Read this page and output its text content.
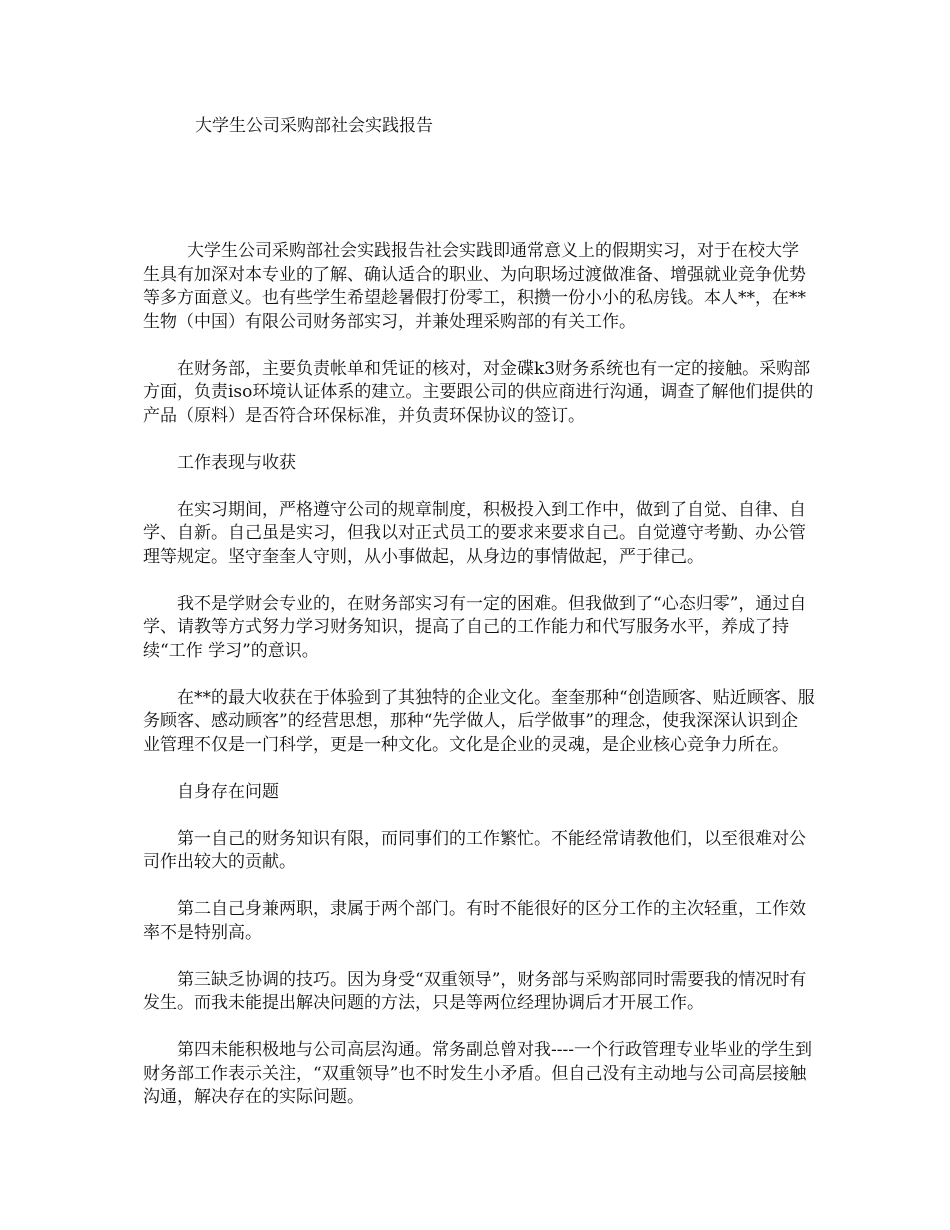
大学生公司采购部社会实践报告

大学生公司采购部社会实践报告社会实践即通常意义上的假期实习，对于在校大学生具有加深对本专业的了解、确认适合的职业、为向职场过渡做准备、增强就业竞争优势等多方面意义。也有些学生希望趁暑假打份零工，积攒一份小小的私房钱。本人**，在**生物（中国）有限公司财务部实习，并兼处理采购部的有关工作。

在财务部，主要负责帐单和凭证的核对，对金碟k3财务系统也有一定的接触。采购部方面，负责iso环境认证体系的建立。主要跟公司的供应商进行沟通，调查了解他们提供的产品（原料）是否符合环保标准，并负责环保协议的签订。

工作表现与收获

在实习期间，严格遵守公司的规章制度，积极投入到工作中，做到了自觉、自律、自学、自新。自己虽是实习，但我以对正式员工的要求来要求自己。自觉遵守考勤、办公管理等规定。坚守奎奎人守则，从小事做起，从身边的事情做起，严于律己。

我不是学财会专业的，在财务部实习有一定的困难。但我做到了“心态归零”，通过自学、请教等方式努力学习财务知识，提高了自己的工作能力和代写服务水平，养成了持续“工作 学习”的意识。

在**的最大收获在于体验到了其独特的企业文化。奎奎那种“创造顾客、贴近顾客、服务顾客、感动顾客”的经营思想，那种“先学做人，后学做事”的理念，使我深深认识到企业管理不仅是一门科学，更是一种文化。文化是企业的灵魂，是企业核心竞争力所在。

自身存在问题

第一自己的财务知识有限，而同事们的工作繁忙。不能经常请教他们，以至很难对公司作出较大的贡献。

第二自己身兼两职，隶属于两个部门。有时不能很好的区分工作的主次轻重，工作效率不是特别高。

第三缺乏协调的技巧。因为身受“双重领导”，财务部与采购部同时需要我的情况时有发生。而我未能提出解决问题的方法，只是等两位经理协调后才开展工作。

第四未能积极地与公司高层沟通。常务副总曾对我----一个行政管理专业毕业的学生到财务部工作表示关注，“双重领导”也不时发生小矛盾。但自己没有主动地与公司高层接触沟通，解决存在的实际问题。
